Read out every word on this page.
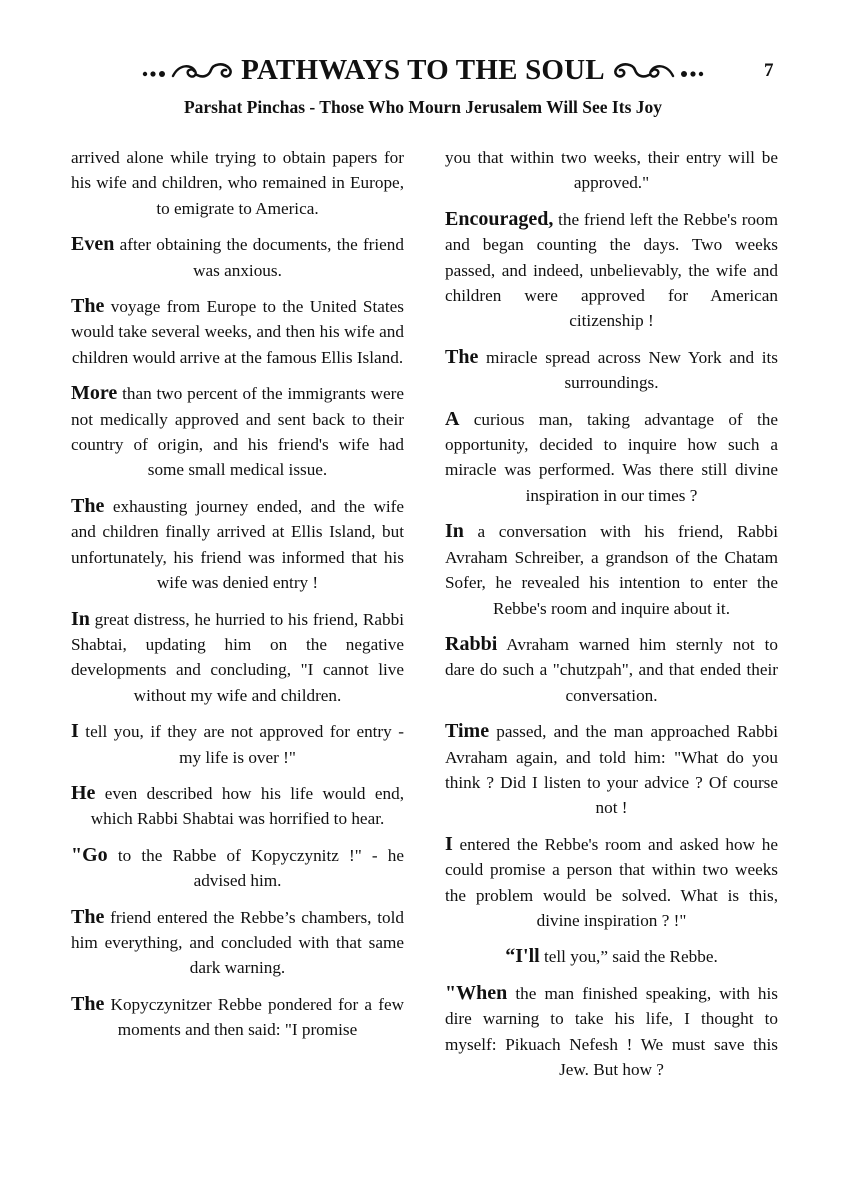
PATHWAYS TO THE SOUL	7
Parshat Pinchas - Those Who Mourn Jerusalem Will See Its Joy

arrived alone while trying to obtain papers for his wife and children, who remained in Europe, to emigrate to America.

Even after obtaining the documents, the friend was anxious.

The voyage from Europe to the United States would take several weeks, and then his wife and children would arrive at the famous Ellis Island.

More than two percent of the immigrants were not medically approved and sent back to their country of origin, and his friend's wife had some small medical issue.

The exhausting journey ended, and the wife and children finally arrived at Ellis Island, but unfortunately, his friend was informed that his wife was denied entry !

In great distress, he hurried to his friend, Rabbi Shabtai, updating him on the negative developments and concluding, "I cannot live without my wife and children.

I tell you, if they are not approved for entry - my life is over !"

He even described how his life would end, which Rabbi Shabtai was horrified to hear.

"Go to the Rabbe of Kopyczynitz !" - he advised him.

The friend entered the Rebbe’s chambers, told him everything, and concluded with that same dark warning.

The Kopyczynitzer Rebbe pondered for a few moments and then said: "I promise

you that within two weeks, their entry will be approved."

Encouraged, the friend left the Rebbe's room and began counting the days. Two weeks passed, and indeed, unbelievably, the wife and children were approved for American citizenship !

The miracle spread across New York and its surroundings.

A curious man, taking advantage of the opportunity, decided to inquire how such a miracle was performed. Was there still divine inspiration in our times ?

In a conversation with his friend, Rabbi Avraham Schreiber, a grandson of the Chatam Sofer, he revealed his intention to enter the Rebbe's room and inquire about it.

Rabbi Avraham warned him sternly not to dare do such a "chutzpah", and that ended their conversation.

Time passed, and the man approached Rabbi Avraham again, and told him: "What do you think ? Did I listen to your advice ? Of course not !

I entered the Rebbe's room and asked how he could promise a person that within two weeks the problem would be solved. What is this, divine inspiration ? !"

“I'll tell you,” said the Rebbe.

"When the man finished speaking, with his dire warning to take his life, I thought to myself: Pikuach Nefesh ! We must save this Jew. But how ?
